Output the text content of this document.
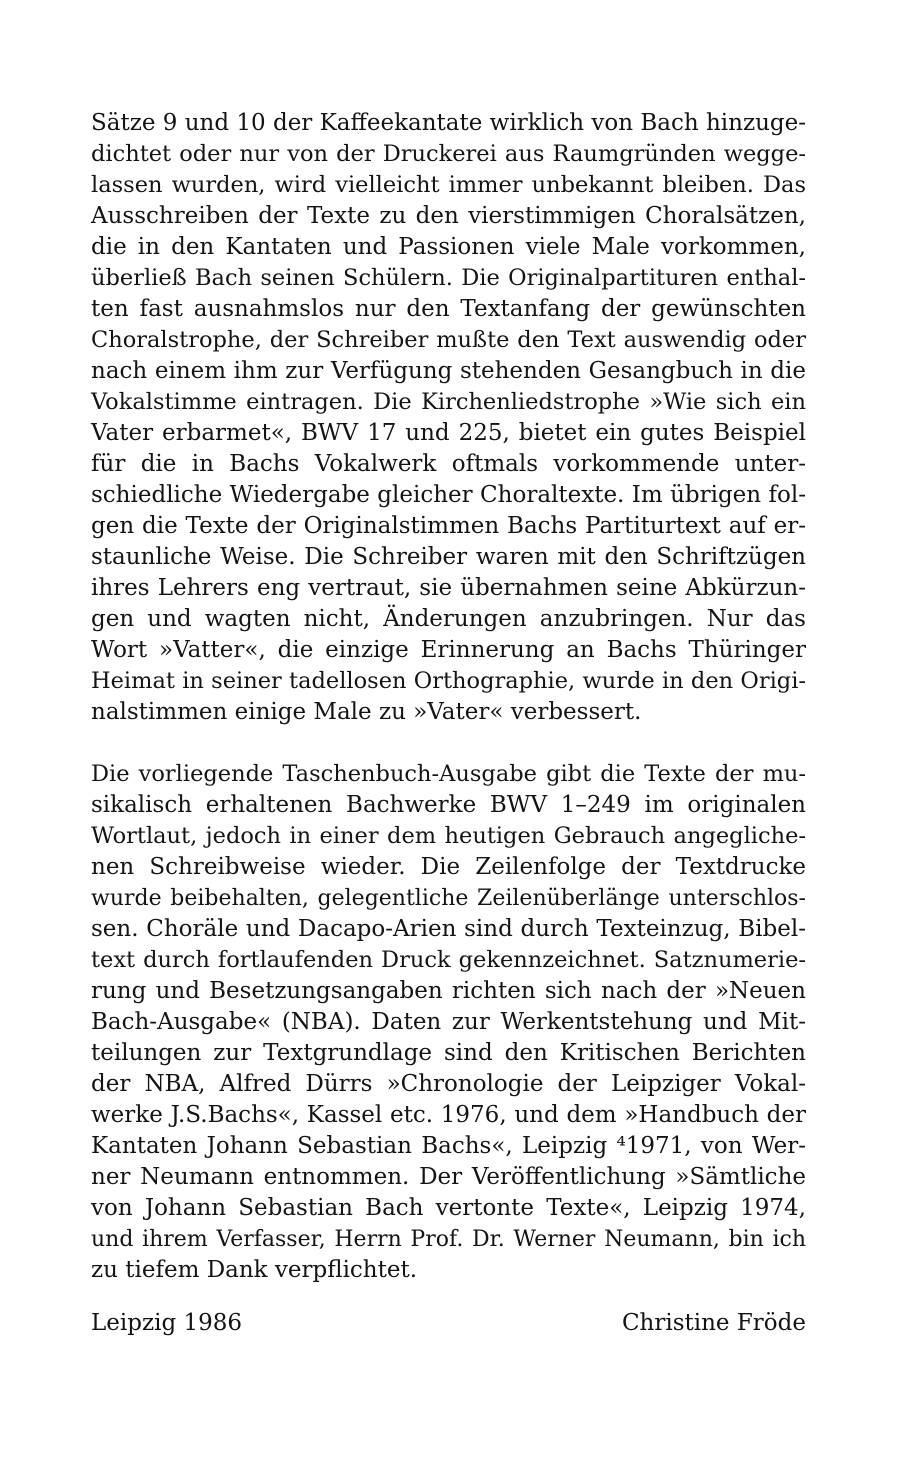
Sätze 9 und 10 der Kaffeekantate wirklich von Bach hinzuge-
dichtet oder nur von der Druckerei aus Raumgründen wegge-
lassen wurden, wird vielleicht immer unbekannt bleiben. Das
Ausschreiben der Texte zu den vierstimmigen Choralsätzen,
die in den Kantaten und Passionen viele Male vorkommen,
überließ Bach seinen Schülern. Die Originalpartituren enthal-
ten fast ausnahmslos nur den Textanfang der gewünschten
Choralstrophe, der Schreiber mußte den Text auswendig oder
nach einem ihm zur Verfügung stehenden Gesangbuch in die
Vokalstimme eintragen. Die Kirchenliedstrophe »Wie sich ein
Vater erbarmet«, BWV 17 und 225, bietet ein gutes Beispiel
für die in Bachs Vokalwerk oftmals vorkommende unter-
schiedliche Wiedergabe gleicher Choraltexte. Im übrigen fol-
gen die Texte der Originalstimmen Bachs Partiturtext auf er-
staunliche Weise. Die Schreiber waren mit den Schriftzügen
ihres Lehrers eng vertraut, sie übernahmen seine Abkürzun-
gen und wagten nicht, Änderungen anzubringen. Nur das
Wort »Vatter«, die einzige Erinnerung an Bachs Thüringer
Heimat in seiner tadellosen Orthographie, wurde in den Origi-
nalstimmen einige Male zu »Vater« verbessert.
Die vorliegende Taschenbuch-Ausgabe gibt die Texte der mu-
sikalisch erhaltenen Bachwerke BWV 1–249 im originalen
Wortlaut, jedoch in einer dem heutigen Gebrauch angegliche-
nen Schreibweise wieder. Die Zeilenfolge der Textdrucke
wurde beibehalten, gelegentliche Zeilenüberlänge unterschlos-
sen. Choräle und Dacapo-Arien sind durch Texteinzug, Bibel-
text durch fortlaufenden Druck gekennzeichnet. Satznumerie-
rung und Besetzungsangaben richten sich nach der »Neuen
Bach-Ausgabe« (NBA). Daten zur Werkentstehung und Mit-
teilungen zur Textgrundlage sind den Kritischen Berichten
der NBA, Alfred Dürrs »Chronologie der Leipziger Vokal-
werke J.S.Bachs«, Kassel etc. 1976, und dem »Handbuch der
Kantaten Johann Sebastian Bachs«, Leipzig ⁴1971, von Wer-
ner Neumann entnommen. Der Veröffentlichung »Sämtliche
von Johann Sebastian Bach vertonte Texte«, Leipzig 1974,
und ihrem Verfasser, Herrn Prof. Dr. Werner Neumann, bin ich
zu tiefem Dank verpflichtet.
Leipzig 1986	Christine Fröde
